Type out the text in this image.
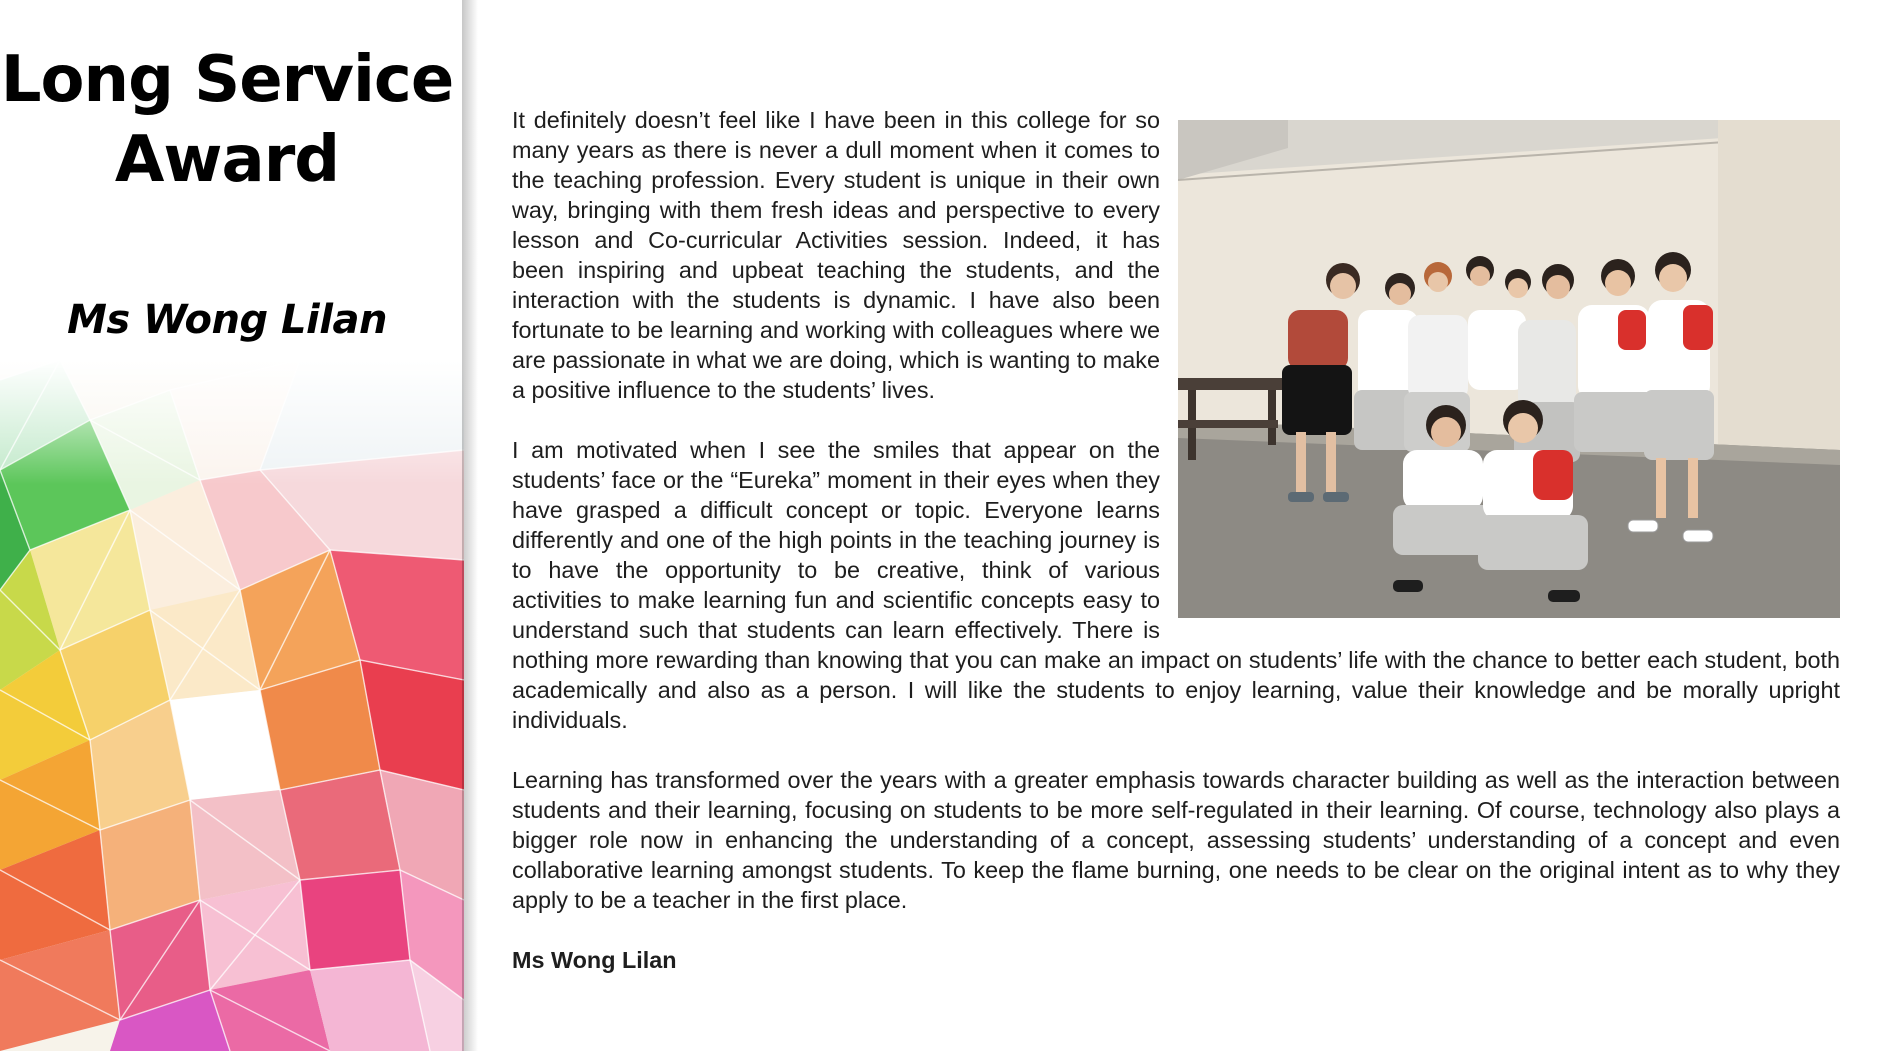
Long Service Award
Ms Wong Lilan

It definitely doesn’t feel like I have been in this college for so many years as there is never a dull moment when it comes to the teaching profession. Every student is unique in their own way, bringing with them fresh ideas and perspective to every lesson and Co-curricular Activities session. Indeed, it has been inspiring and upbeat teaching the students, and the interaction with the students is dynamic. I have also been fortunate to be learning and working with colleagues where we are passionate in what we are doing, which is wanting to make a positive influence to the students’ lives.

I am motivated when I see the smiles that appear on the students’ face or the “Eureka” moment in their eyes when they have grasped a difficult concept or topic. Everyone learns differently and one of the high points in the teaching journey is to have the opportunity to be creative, think of various activities to make learning fun and scientific concepts easy to understand such that students can learn effectively. There is nothing more rewarding than knowing that you can make an impact on students’ life with the chance to better each student, both academically and also as a person. I will like the students to enjoy learning, value their knowledge and be morally upright individuals.

Learning has transformed over the years with a greater emphasis towards character building as well as the interaction between students and their learning, focusing on students to be more self-regulated in their learning. Of course, technology also plays a bigger role now in enhancing the understanding of a concept, assessing students’ understanding of a concept and even collaborative learning amongst students. To keep the flame burning, one needs to be clear on the original intent as to why they apply to be a teacher in the first place.

Ms Wong Lilan
